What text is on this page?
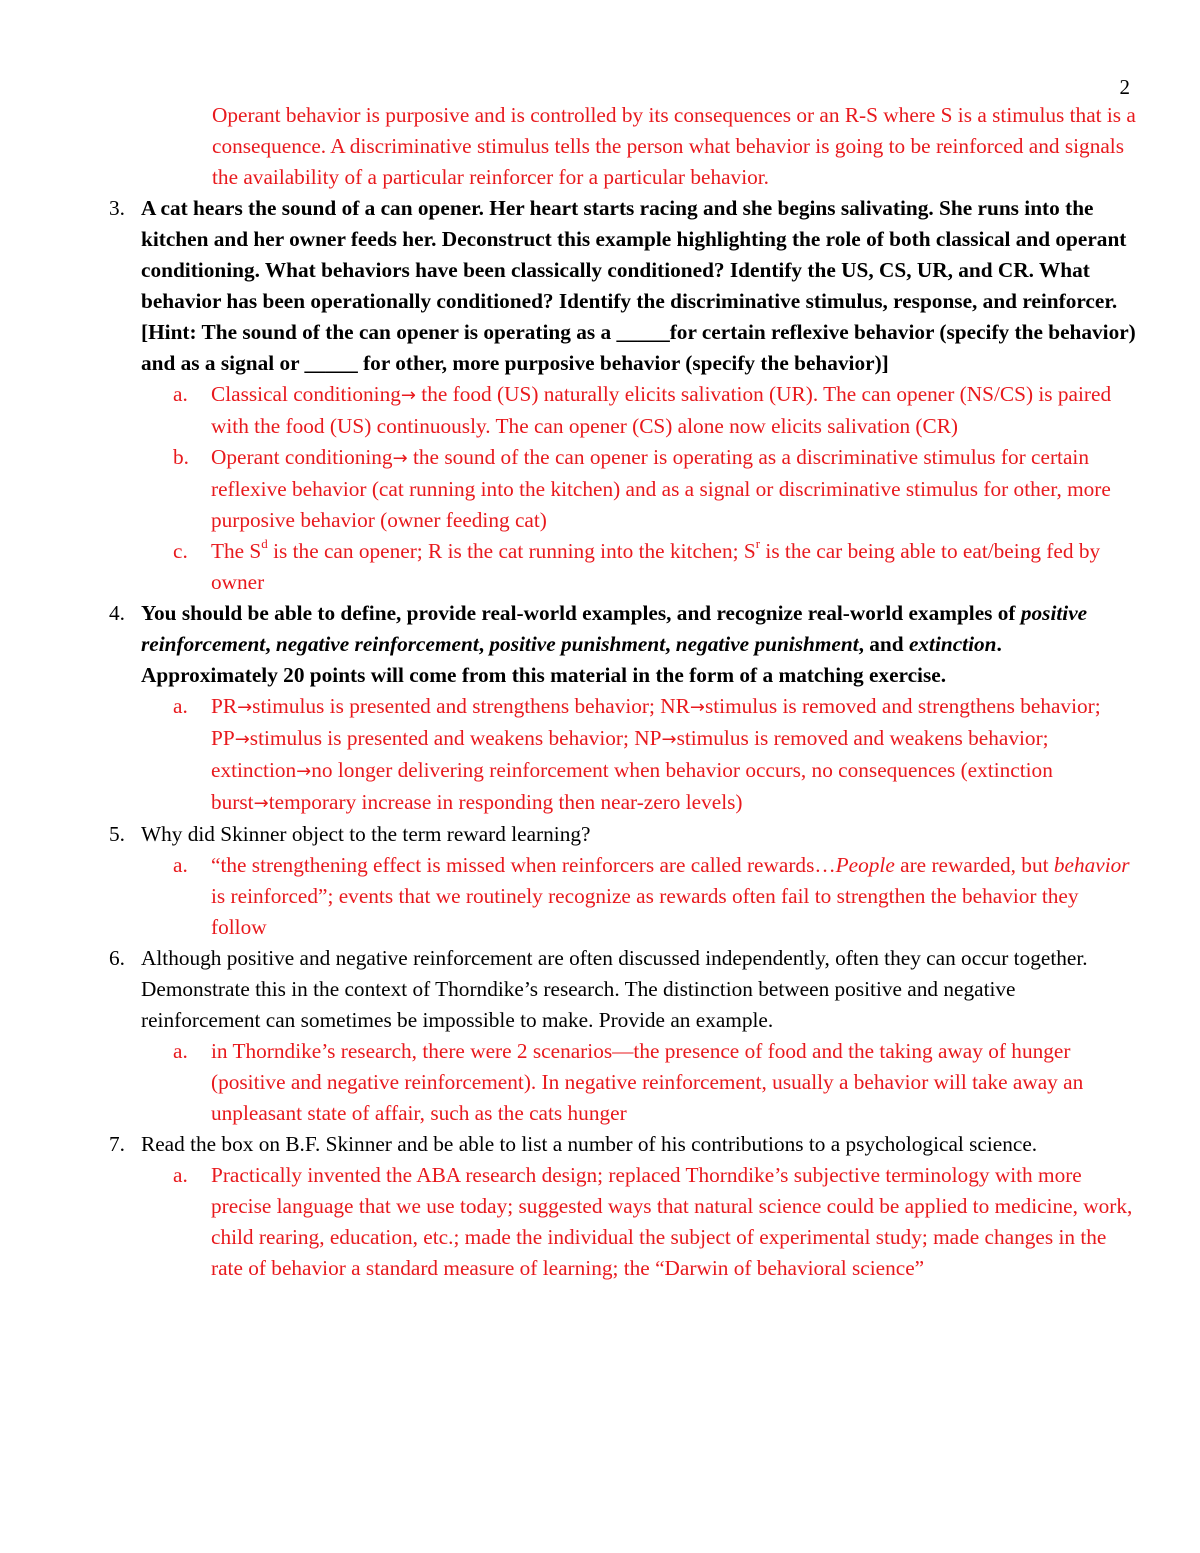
2
Operant behavior is purposive and is controlled by its consequences or an R-S where S is a stimulus that is a consequence. A discriminative stimulus tells the person what behavior is going to be reinforced and signals the availability of a particular reinforcer for a particular behavior.
3. A cat hears the sound of a can opener. Her heart starts racing and she begins salivating. She runs into the kitchen and her owner feeds her. Deconstruct this example highlighting the role of both classical and operant conditioning. What behaviors have been classically conditioned? Identify the US, CS, UR, and CR. What behavior has been operationally conditioned? Identify the discriminative stimulus, response, and reinforcer. [Hint: The sound of the can opener is operating as a _____for certain reflexive behavior (specify the behavior) and as a signal or _____ for other, more purposive behavior (specify the behavior)]
a.	Classical conditioning→ the food (US) naturally elicits salivation (UR). The can opener (NS/CS) is paired with the food (US) continuously. The can opener (CS) alone now elicits salivation (CR)
b.	Operant conditioning→ the sound of the can opener is operating as a discriminative stimulus for certain reflexive behavior (cat running into the kitchen) and as a signal or discriminative stimulus for other, more purposive behavior (owner feeding cat)
c.	The $S^d$ is the can opener; R is the cat running into the kitchen; $S^r$ is the car being able to eat/being fed by owner
4. You should be able to define, provide real-world examples, and recognize real-world examples of positive reinforcement, negative reinforcement, positive punishment, negative punishment, and extinction. Approximately 20 points will come from this material in the form of a matching exercise.
a.	PR→stimulus is presented and strengthens behavior; NR→stimulus is removed and strengthens behavior; PP→stimulus is presented and weakens behavior; NP→stimulus is removed and weakens behavior; extinction→no longer delivering reinforcement when behavior occurs, no consequences (extinction burst→temporary increase in responding then near-zero levels)
5. Why did Skinner object to the term reward learning?
a.	“the strengthening effect is missed when reinforcers are called rewards…People are rewarded, but behavior is reinforced”; events that we routinely recognize as rewards often fail to strengthen the behavior they follow
6. Although positive and negative reinforcement are often discussed independently, often they can occur together. Demonstrate this in the context of Thorndike’s research. The distinction between positive and negative reinforcement can sometimes be impossible to make. Provide an example.
a.	in Thorndike’s research, there were 2 scenarios—the presence of food and the taking away of hunger (positive and negative reinforcement). In negative reinforcement, usually a behavior will take away an unpleasant state of affair, such as the cats hunger
7. Read the box on B.F. Skinner and be able to list a number of his contributions to a psychological science.
a.	Practically invented the ABA research design; replaced Thorndike’s subjective terminology with more precise language that we use today; suggested ways that natural science could be applied to medicine, work, child rearing, education, etc.; made the individual the subject of experimental study; made changes in the rate of behavior a standard measure of learning; the “Darwin of behavioral science”
